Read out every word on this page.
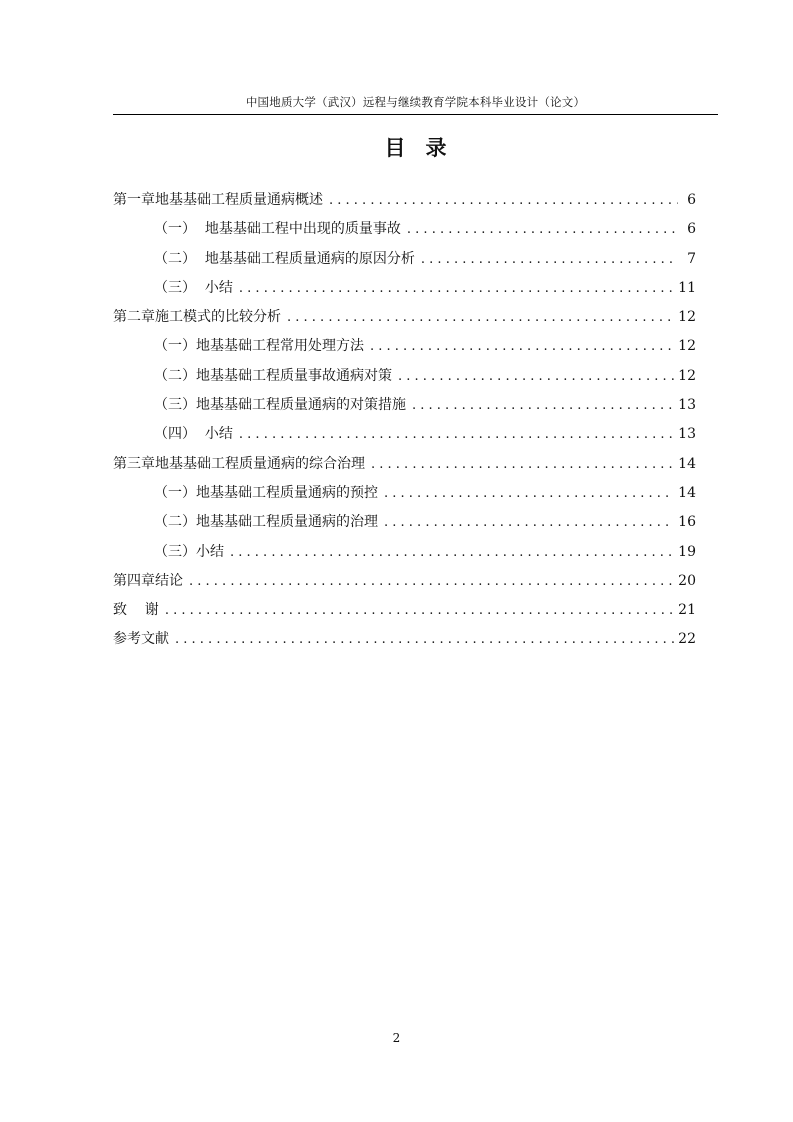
中国地质大学（武汉）远程与继续教育学院本科毕业设计（论文）
目 录
第一章地基基础工程质量通病概述 . . .	6
（一）  地基基础工程中出现的质量事故 . . .	6
（二）  地基基础工程质量通病的原因分析 . . .	7
（三）  小结 . . .	11
第二章施工模式的比较分析 . . .	12
（一）地基基础工程常用处理方法 . . .	12
（二）地基基础工程质量事故通病对策 . . .	12
（三）地基基础工程质量通病的对策措施 . . .	13
（四）  小结 . . .	13
第三章地基基础工程质量通病的综合治理 . . .	14
（一）地基基础工程质量通病的预控 . . .	14
（二）地基基础工程质量通病的治理 . . .	16
（三）小结 . . .	19
第四章结论 . . .	20
致    谢 . . .	21
参考文献 . . .	22
2
